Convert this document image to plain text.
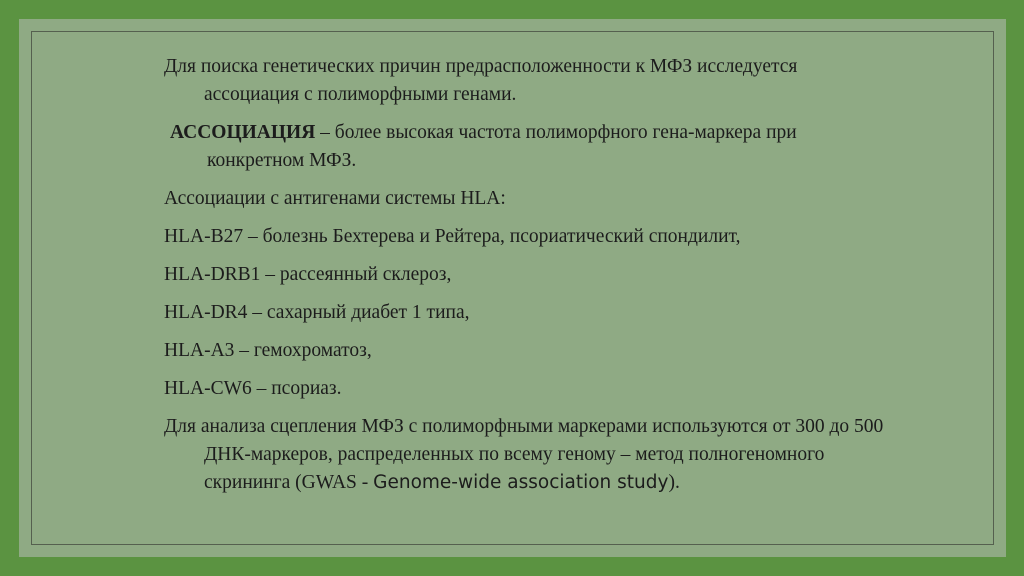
Для поиска генетических причин предрасположенности к МФЗ исследуется ассоциация с полиморфными генами.

АССОЦИАЦИЯ – более высокая частота полиморфного гена-маркера при конкретном МФЗ.

Ассоциации с антигенами системы HLA:

HLA-B27 – болезнь Бехтерева и Рейтера, псориатический спондилит,

HLA-DRB1 – рассеянный склероз,

HLA-DR4 – сахарный диабет 1 типа,

HLA-A3 – гемохроматоз,

HLA-CW6 – псориаз.

Для анализа сцепления МФЗ с полиморфными маркерами используются от 300 до 500 ДНК-маркеров, распределенных по всему геному – метод полногеномного скрининга (GWAS - Genome-wide association study).
